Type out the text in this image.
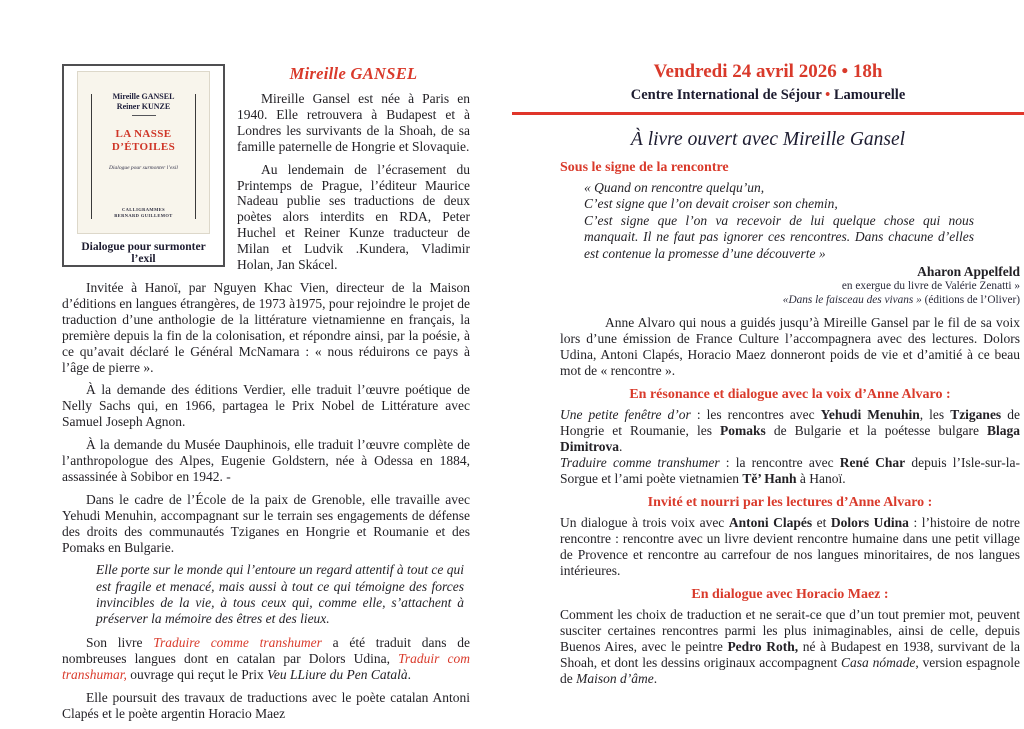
Mireille GANSEL
Reiner KUNZE
LA NASSE D’ÉTOILES
Dialogue pour surmonter l’exil
CALLIGRAMMES
BERNARD GUILLEMOT
Dialogue pour surmonter l’exil
Mireille GANSEL

Mireille Gansel est née à Paris en 1940. Elle retrouvera à Budapest et à Londres les survivants de la Shoah, de sa famille paternelle de Hongrie et Slovaquie.

Au lendemain de l’écrasement du Printemps de Prague, l’éditeur Maurice Nadeau publie ses traductions de deux poètes alors interdits en RDA, Peter Huchel et Reiner Kunze traducteur de Milan et Ludvik .Kundera, Vladimir Holan, Jan Skácel.

Invitée à Hanoï, par Nguyen Khac Vien, directeur de la Maison d’éditions en langues étrangères, de 1973 à1975, pour rejoindre le projet de traduction d’une anthologie de la littérature vietnamienne en français, la première depuis la fin de la colonisation, et répondre ainsi, par la poésie, à ce qu’avait déclaré le Général McNamara : « nous réduirons ce pays à l’âge de pierre ».

À la demande des éditions Verdier, elle traduit l’œuvre poétique de Nelly Sachs qui, en 1966, partagea le Prix Nobel de Littérature avec Samuel Joseph Agnon.

À la demande du Musée Dauphinois, elle traduit l’œuvre complète de l’anthropologue des Alpes, Eugenie Goldstern, née à Odessa en 1884, assassinée à Sobibor en 1942. -

Dans le cadre de l’École de la paix de Grenoble, elle travaille avec Yehudi Menuhin, accompagnant sur le terrain ses engagements de défense des droits des communautés Tziganes en Hongrie et Roumanie et des Pomaks en Bulgarie.

Elle porte sur le monde qui l’entoure un regard attentif à tout ce qui est fragile et menacé, mais aussi à tout ce qui témoigne des forces invincibles de la vie, à tous ceux qui, comme elle, s’attachent à préserver la mémoire des êtres et des lieux.

Son livre Traduire comme transhumer a été traduit dans de nombreuses langues dont en catalan par Dolors Udina, Traduir com transhumar, ouvrage qui reçut le Prix Veu LLiure du Pen Català.

Elle poursuit des travaux de traductions avec le poète catalan Antoni Clapés et le poète argentin Horacio Maez

Vendredi 24 avril 2026 • 18h
Centre International de Séjour • Lamourelle
À livre ouvert avec Mireille Gansel
Sous le signe de la rencontre
« Quand on rencontre quelqu’un,
C’est signe que l’on devait croiser son chemin,
C’est signe que l’on va recevoir de lui quelque chose qui nous manquait. Il ne faut pas ignorer ces rencontres. Dans chacune d’elles est contenue la promesse d’une découverte »
Aharon Appelfeld
en exergue du livre de Valérie Zenatti »
«Dans le faisceau des vivans » (éditions de l’Oliver)
Anne Alvaro qui nous a guidés jusqu’à Mireille Gansel par le fil de sa voix lors d’une émission de France Culture l’accompagnera avec des lectures. Dolors Udina, Antoni Clapés, Horacio Maez donneront poids de vie et d’amitié à ce beau mot de « rencontre ».
En résonance et dialogue avec la voix d’Anne Alvaro :

Une petite fenêtre d’or : les rencontres avec Yehudi Menuhin, les Tziganes de Hongrie et Roumanie, les Pomaks de Bulgarie et la poétesse bulgare Blaga Dimitrova.

Traduire comme transhumer : la rencontre avec René Char depuis l’Isle-sur-la- Sorgue et l’ami poète vietnamien Tě’ Hanh à Hanoï.

Invité et nourri par les lectures d’Anne Alvaro :

Un dialogue à trois voix avec Antoni Clapés et Dolors Udina : l’histoire de notre rencontre : rencontre avec un livre devient rencontre humaine dans une petit village de Provence et rencontre au carrefour de nos langues minoritaires, de nos langues intérieures.

En dialogue avec Horacio Maez :

Comment les choix de traduction et ne serait-ce que d’un tout premier mot, peuvent susciter certaines rencontres parmi les plus inimaginables, ainsi de celle, depuis Buenos Aires, avec le peintre Pedro Roth, né à Budapest en 1938, survivant de la Shoah, et dont les dessins originaux accompagnent Casa nómade, version espagnole de Maison d’âme.
